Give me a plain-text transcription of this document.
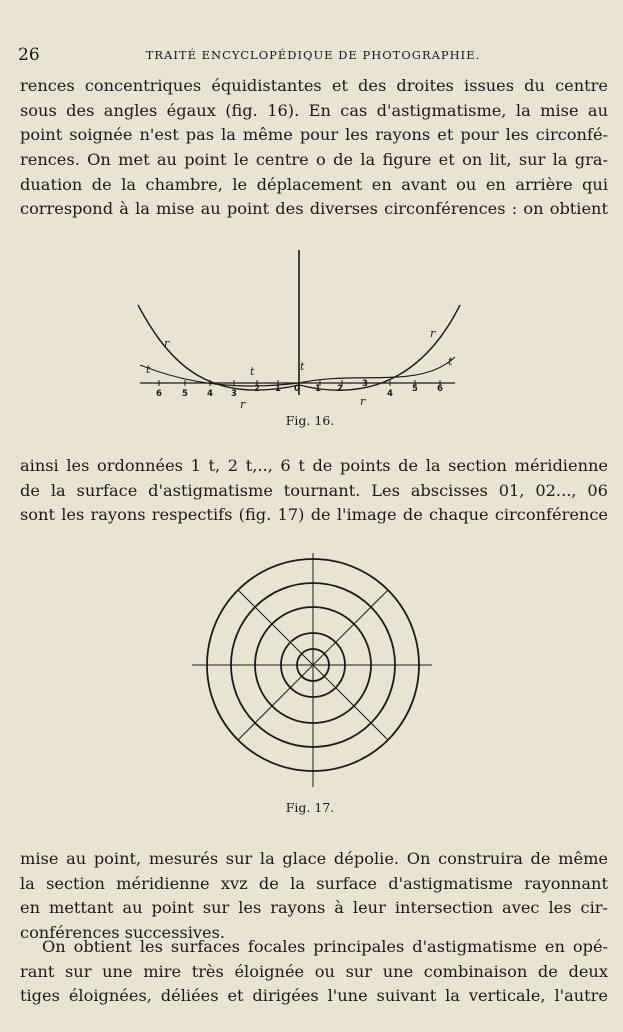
26	TRAITÉ ENCYCLOPÉDIQUE DE PHOTOGRAPHIE.
rences concentriques équidistantes et des droites issues du centre
sous des angles égaux (fig. 16). En cas d'astigmatisme, la mise au
point soignée n'est pas la même pour les rayons et pour les circonfé-
rences. On met au point le centre o de la figure et on lit, sur la gra-
duation de la chambre, le déplacement en avant ou en arrière qui
correspond à la mise au point des diverses circonférences : on obtient
6 5 4 3 2 1 0 1 2 3
4 5 6
r
t
r
t	t
r
r
t
Fig. 16.
ainsi les ordonnées 1 t, 2 t,.., 6 t de points de la section méridienne
de la surface d'astigmatisme tournant. Les abscisses 01, 02..., 06
sont les rayons respectifs (fig. 17) de l'image de chaque circonférence
Fig. 17.
mise au point, mesurés sur la glace dépolie. On construira de même
la section méridienne xvz de la surface d'astigmatisme rayonnant
en mettant au point sur les rayons à leur intersection avec les cir-
conférences successives.
On obtient les surfaces focales principales d'astigmatisme en opé-
rant sur une mire très éloignée ou sur une combinaison de deux
tiges éloignées, déliées et dirigées l'une suivant la verticale, l'autre
